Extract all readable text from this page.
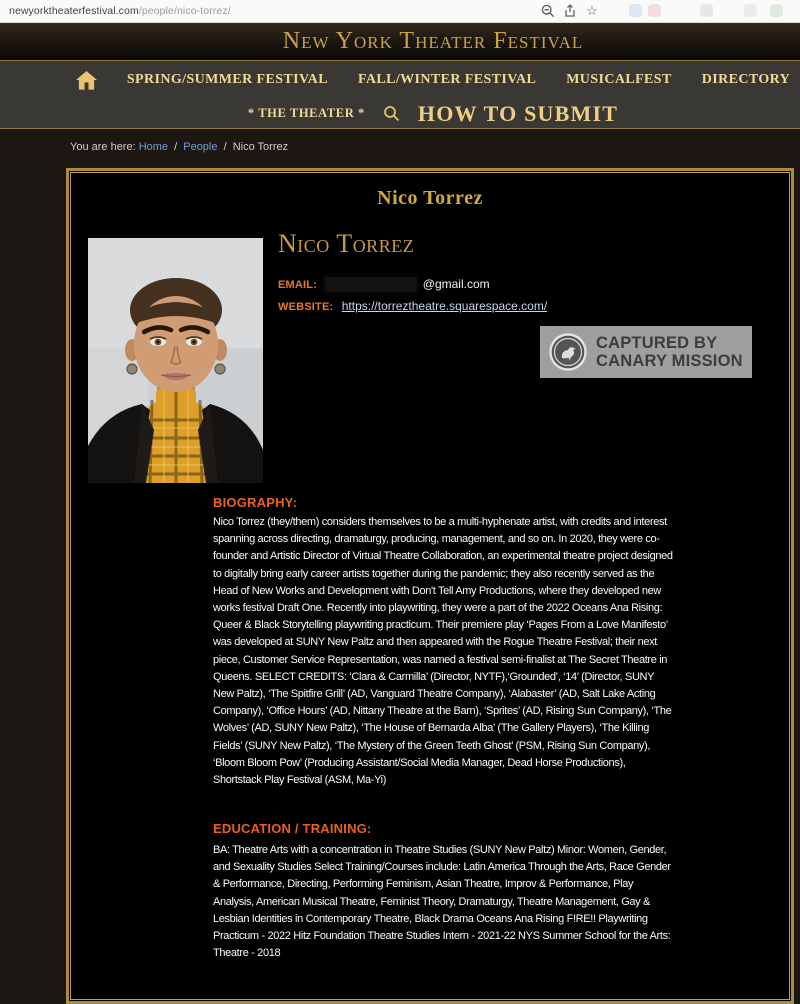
newyorktheaterfestival.com/people/nico-torrez/	☆
New York Theater Festival
SPRING/SUMMER FESTIVAL FALL/WINTER FESTIVAL MUSICALFEST DIRECTORY
* THE THEATER * HOW TO SUBMIT
You are here: Home / People / Nico Torrez
Nico Torrez
Nico Torrez
EMAIL:	@gmail.com
WEBSITE: https://torreztheatre.squarespace.com/
CAPTURED BY
CANARY MISSION
BIOGRAPHY:
Nico Torrez (they/them) considers themselves to be a multi-hyphenate artist, with credits and interest spanning across directing, dramaturgy, producing, management, and so on. In 2020, they were co-founder and Artistic Director of Virtual Theatre Collaboration, an experimental theatre project designed to digitally bring early career artists together during the pandemic; they also recently served as the Head of New Works and Development with Don't Tell Amy Productions, where they developed new works festival Draft One. Recently into playwriting, they were a part of the 2022 Oceans Ana Rising: Queer & Black Storytelling playwriting practicum. Their premiere play ‘Pages From a Love Manifesto’ was developed at SUNY New Paltz and then appeared with the Rogue Theatre Festival; their next piece, Customer Service Representation, was named a festival semi-finalist at The Secret Theatre in Queens. SELECT CREDITS: ‘Clara & Carmilla’ (Director, NYTF),‘Grounded’, ‘14’ (Director, SUNY New Paltz), ‘The Spitfire Grill’ (AD, Vanguard Theatre Company), ‘Alabaster’ (AD, Salt Lake Acting Company), ‘Office Hours’ (AD, Nittany Theatre at the Barn), ‘Sprites’ (AD, Rising Sun Company), ‘The Wolves’ (AD, SUNY New Paltz), ‘The House of Bernarda Alba’ (The Gallery Players), ‘The Killing Fields’ (SUNY New Paltz), ‘The Mystery of the Green Teeth Ghost’ (PSM, Rising Sun Company), ‘Bloom Bloom Pow’ (Producing Assistant/Social Media Manager, Dead Horse Productions), Shortstack Play Festival (ASM, Ma-Yi)
EDUCATION / TRAINING:
BA: Theatre Arts with a concentration in Theatre Studies (SUNY New Paltz) Minor: Women, Gender, and Sexuality Studies Select Training/Courses include: Latin America Through the Arts, Race Gender & Performance, Directing, Performing Feminism, Asian Theatre, Improv & Performance, Play Analysis, American Musical Theatre, Feminist Theory, Dramaturgy, Theatre Management, Gay & Lesbian Identities in Contemporary Theatre, Black Drama Oceans Ana Rising F!RE!! Playwriting Practicum - 2022 Hitz Foundation Theatre Studies Intern - 2021-22 NYS Summer School for the Arts: Theatre - 2018
